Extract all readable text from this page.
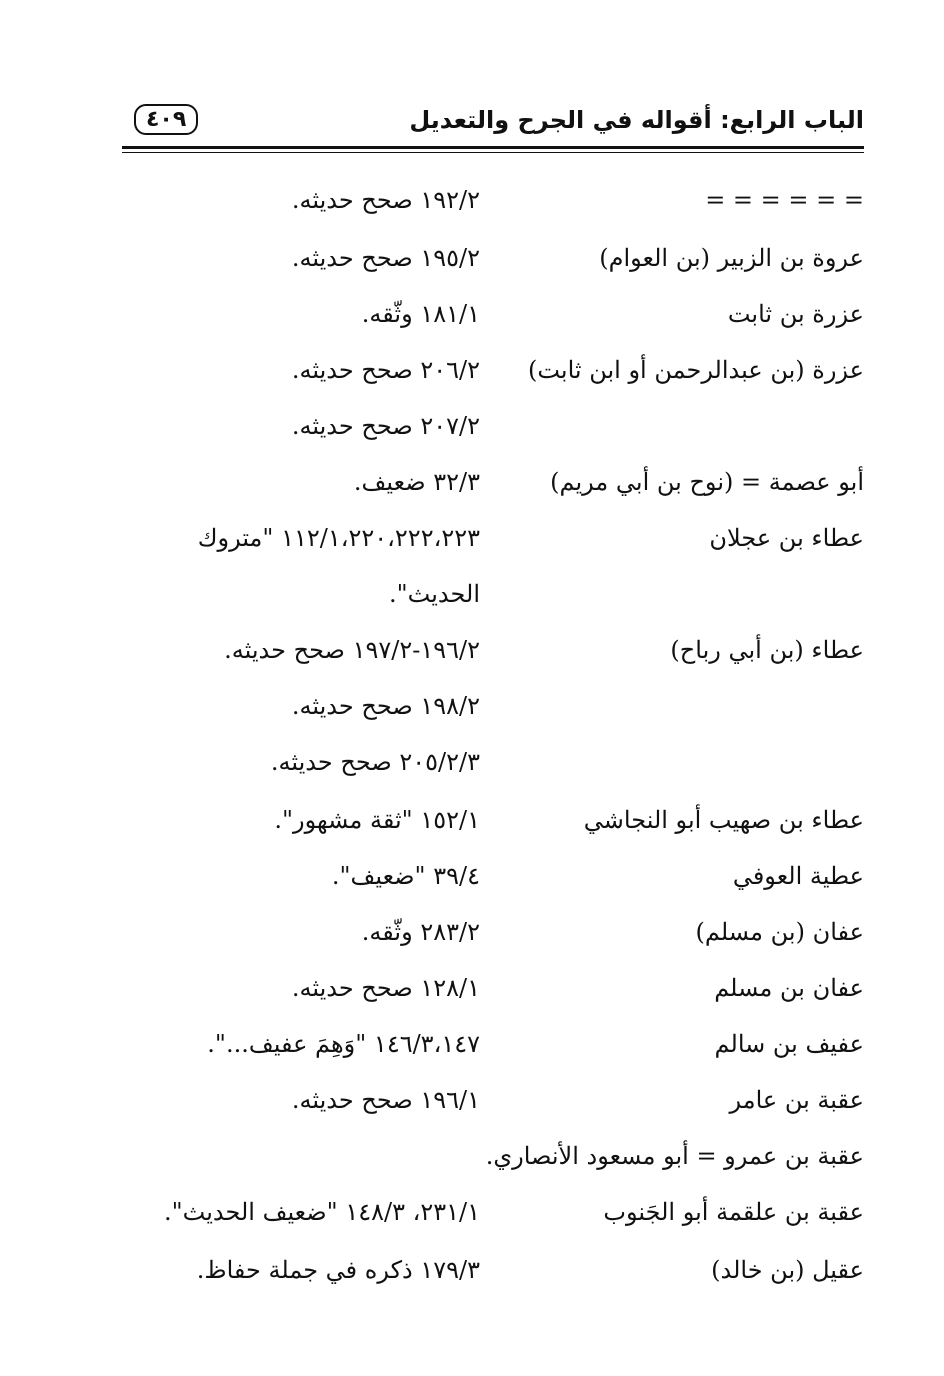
الباب الرابع: أقواله في الجرح والتعديل
٤٠٩
= = = = = =
١٩٢/٢ صحح حديثه.
عروة بن الزبير (بن العوام)
١٩٥/٢ صحح حديثه.
عزرة بن ثابت
١٨١/١ وثّقه.
عزرة (بن عبدالرحمن أو ابن ثابت)
٢٠٦/٢ صحح حديثه.
٢٠٧/٢ صحح حديثه.
أبو عصمة = (نوح بن أبي مريم)
٣٢/٣ ضعيف.
عطاء بن عجلان
١١٢/١،٢٢٠،٢٢٢،٢٢٣ "متروك
الحديث".
عطاء (بن أبي رباح)
١٩٦/٢-١٩٧/٢ صحح حديثه.
١٩٨/٢ صحح حديثه.
٢٠٥/٢/٣ صحح حديثه.
عطاء بن صهيب أبو النجاشي
١٥٢/١ "ثقة مشهور".
عطية العوفي
٣٩/٤ "ضعيف".
عفان (بن مسلم)
٢٨٣/٢ وثّقه.
عفان بن مسلم
١٢٨/١ صحح حديثه.
عفيف بن سالم
١٤٦/٣،١٤٧ "وَهِمَ عفيف...".
عقبة بن عامر
١٩٦/١ صحح حديثه.
عقبة بن عمرو = أبو مسعود الأنصاري.
عقبة بن علقمة أبو الجَنوب
٢٣١/١، ١٤٨/٣ "ضعيف الحديث".
عقيل (بن خالد)
١٧٩/٣ ذكره في جملة حفاظ.
